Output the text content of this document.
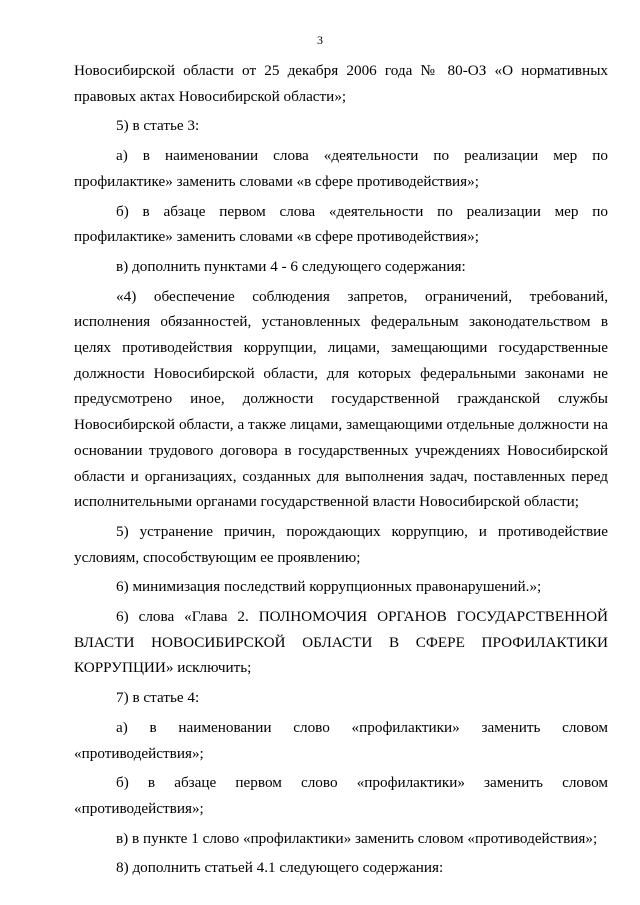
3

Новосибирской области от 25 декабря 2006 года № 80-ОЗ «О нормативных правовых актах Новосибирской области»;

5) в статье 3:

а) в наименовании слова «деятельности по реализации мер по профилактике» заменить словами «в сфере противодействия»;

б) в абзаце первом слова «деятельности по реализации мер по профилактике» заменить словами «в сфере противодействия»;

в) дополнить пунктами 4 - 6 следующего содержания:

«4) обеспечение соблюдения запретов, ограничений, требований, исполнения обязанностей, установленных федеральным законодательством в целях противодействия коррупции, лицами, замещающими государственные должности Новосибирской области, для которых федеральными законами не предусмотрено иное, должности государственной гражданской службы Новосибирской области, а также лицами, замещающими отдельные должности на основании трудового договора в государственных учреждениях Новосибирской области и организациях, созданных для выполнения задач, поставленных перед исполнительными органами государственной власти Новосибирской области;

5) устранение причин, порождающих коррупцию, и противодействие условиям, способствующим ее проявлению;

6) минимизация последствий коррупционных правонарушений.»;

6) слова «Глава 2. ПОЛНОМОЧИЯ ОРГАНОВ ГОСУДАРСТВЕННОЙ ВЛАСТИ НОВОСИБИРСКОЙ ОБЛАСТИ В СФЕРЕ ПРОФИЛАКТИКИ КОРРУПЦИИ» исключить;

7) в статье 4:

а) в наименовании слово «профилактики» заменить словом «противодействия»;

б) в абзаце первом слово «профилактики» заменить словом «противодействия»;

в) в пункте 1 слово «профилактики» заменить словом «противодействия»;

8) дополнить статьей 4.1 следующего содержания:
